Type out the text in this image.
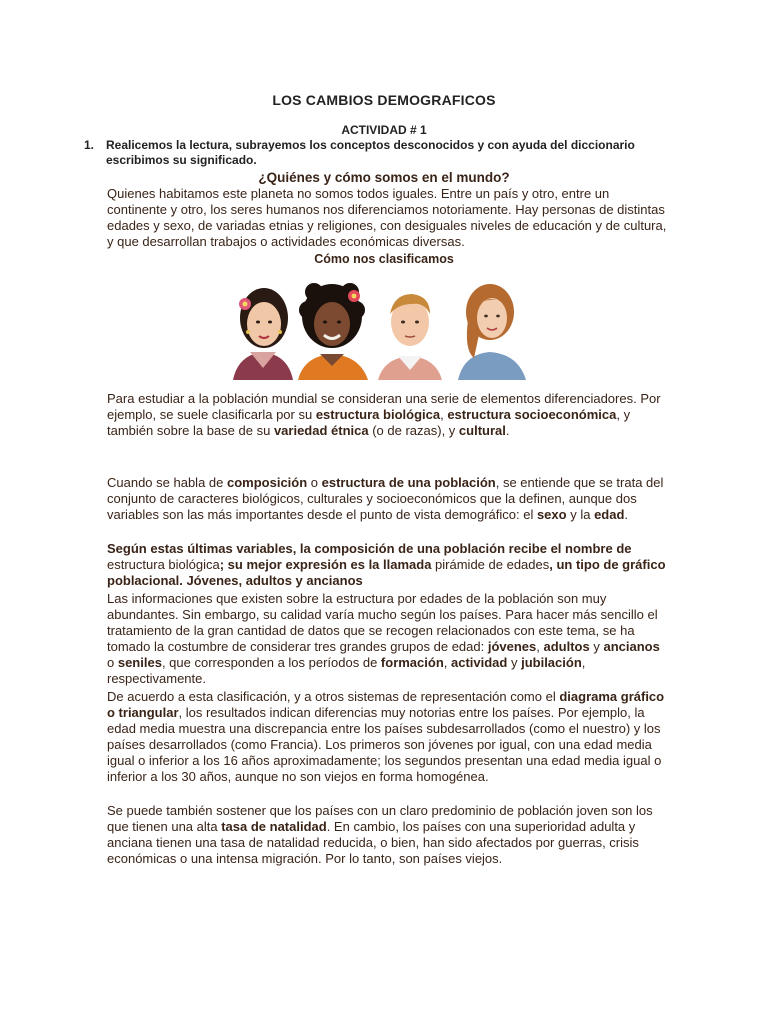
LOS CAMBIOS DEMOGRAFICOS
ACTIVIDAD # 1
1. Realicemos la lectura, subrayemos los conceptos desconocidos y con ayuda del diccionario escribimos su significado.
¿Quiénes y cómo somos en el mundo?
Quienes habitamos este planeta no somos todos iguales. Entre un país y otro, entre un continente y otro, los seres humanos nos diferenciamos notoriamente. Hay personas de distintas edades y sexo, de variadas etnias y religiones, con desiguales niveles de educación y de cultura, y que desarrollan trabajos o actividades económicas diversas.
Cómo nos clasificamos
Para estudiar a la población mundial se consideran una serie de elementos diferenciadores. Por ejemplo, se suele clasificarla por su estructura biológica, estructura socioeconómica, y también sobre la base de su variedad étnica (o de razas), y cultural.
Cuando se habla de composición o estructura de una población, se entiende que se trata del conjunto de caracteres biológicos, culturales y socioeconómicos que la definen, aunque dos variables son las más importantes desde el punto de vista demográfico: el sexo y la edad.
Según estas últimas variables, la composición de una población recibe el nombre de estructura biológica; su mejor expresión es la llamada pirámide de edades, un tipo de gráfico poblacional. Jóvenes, adultos y ancianos
Las informaciones que existen sobre la estructura por edades de la población son muy abundantes. Sin embargo, su calidad varía mucho según los países. Para hacer más sencillo el tratamiento de la gran cantidad de datos que se recogen relacionados con este tema, se ha tomado la costumbre de considerar tres grandes grupos de edad: jóvenes, adultos y ancianos o seniles, que corresponden a los períodos de formación, actividad y jubilación, respectivamente.
De acuerdo a esta clasificación, y a otros sistemas de representación como el diagrama gráfico o triangular, los resultados indican diferencias muy notorias entre los países. Por ejemplo, la edad media muestra una discrepancia entre los países subdesarrollados (como el nuestro) y los países desarrollados (como Francia). Los primeros son jóvenes por igual, con una edad media igual o inferior a los 16 años aproximadamente; los segundos presentan una edad media igual o inferior a los 30 años, aunque no son viejos en forma homogénea.
Se puede también sostener que los países con un claro predominio de población joven son los que tienen una alta tasa de natalidad. En cambio, los países con una superioridad adulta y anciana tienen una tasa de natalidad reducida, o bien, han sido afectados por guerras, crisis económicas o una intensa migración. Por lo tanto, son países viejos.
